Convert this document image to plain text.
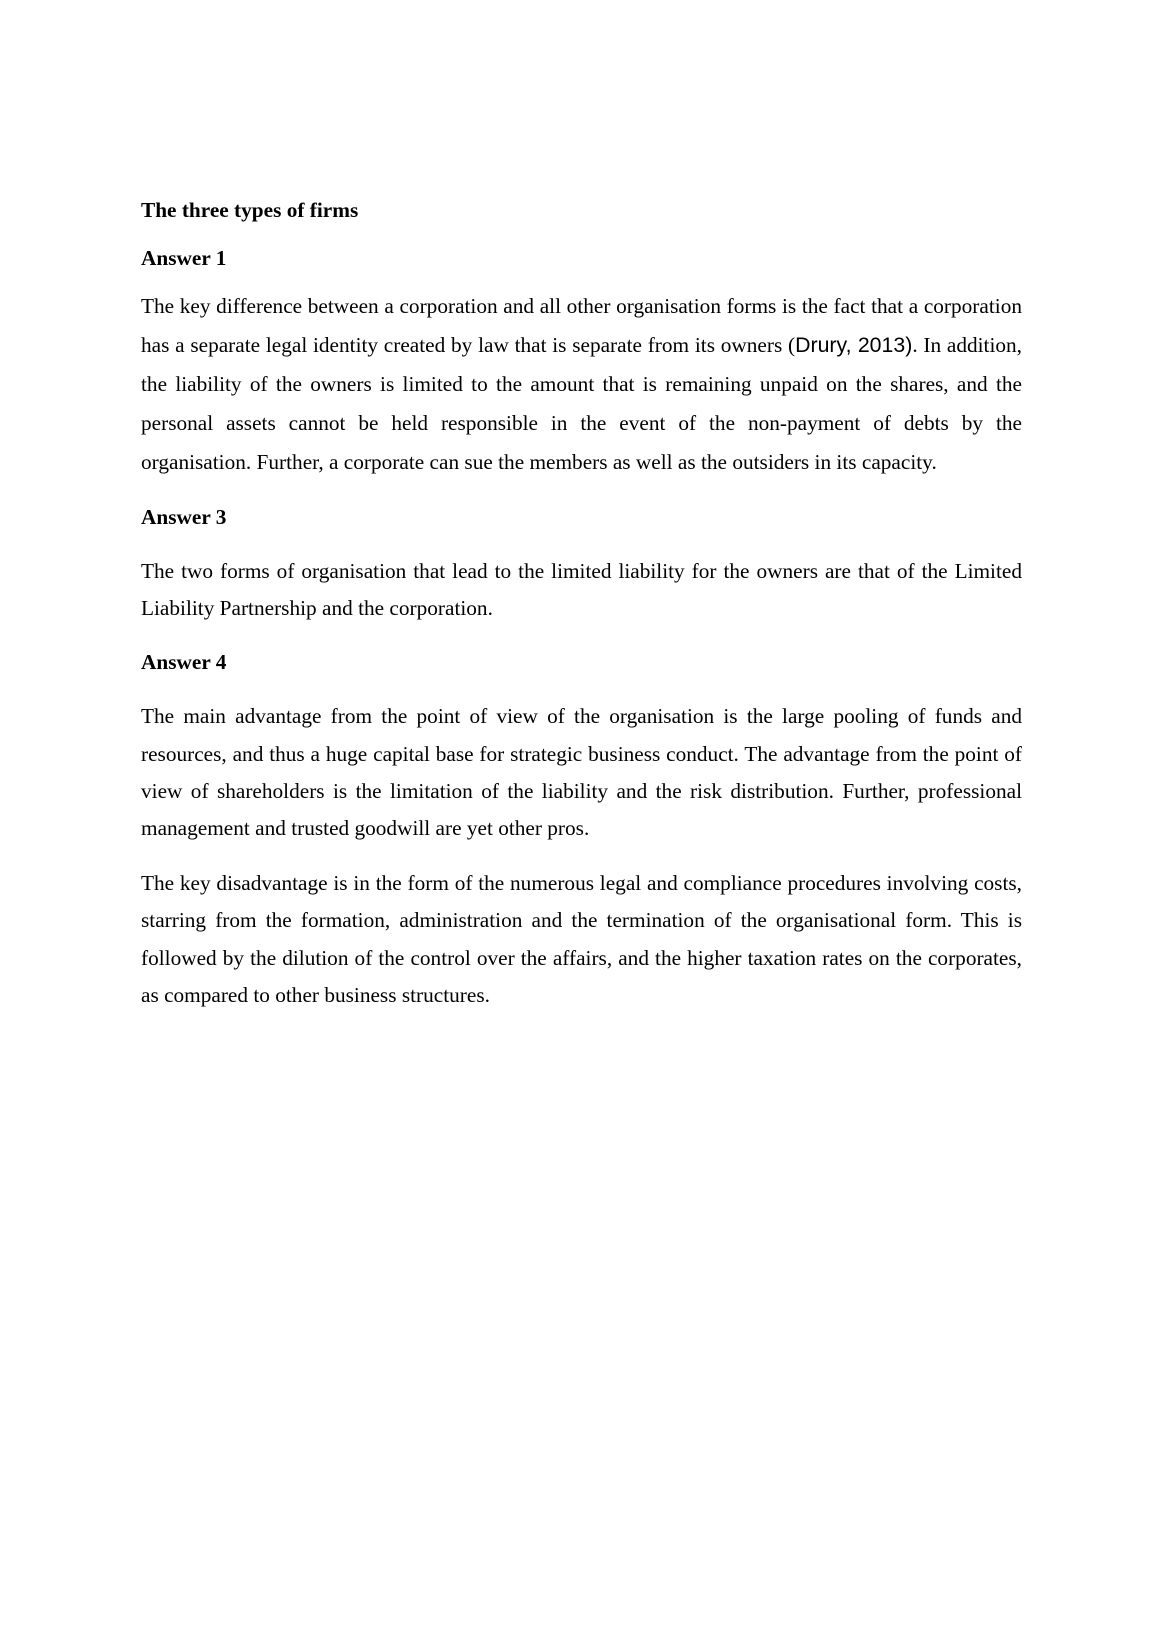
The three types of firms
Answer 1

The key difference between a corporation and all other organisation forms is the fact that a corporation has a separate legal identity created by law that is separate from its owners (Drury, 2013). In addition, the liability of the owners is limited to the amount that is remaining unpaid on the shares, and the personal assets cannot be held responsible in the event of the non-payment of debts by the organisation. Further, a corporate can sue the members as well as the outsiders in its capacity.

Answer 3

The two forms of organisation that lead to the limited liability for the owners are that of the Limited Liability Partnership and the corporation.

Answer 4

The main advantage from the point of view of the organisation is the large pooling of funds and resources, and thus a huge capital base for strategic business conduct. The advantage from the point of view of shareholders is the limitation of the liability and the risk distribution. Further, professional management and trusted goodwill are yet other pros.

The key disadvantage is in the form of the numerous legal and compliance procedures involving costs, starring from the formation, administration and the termination of the organisational form. This is followed by the dilution of the control over the affairs, and the higher taxation rates on the corporates, as compared to other business structures.
